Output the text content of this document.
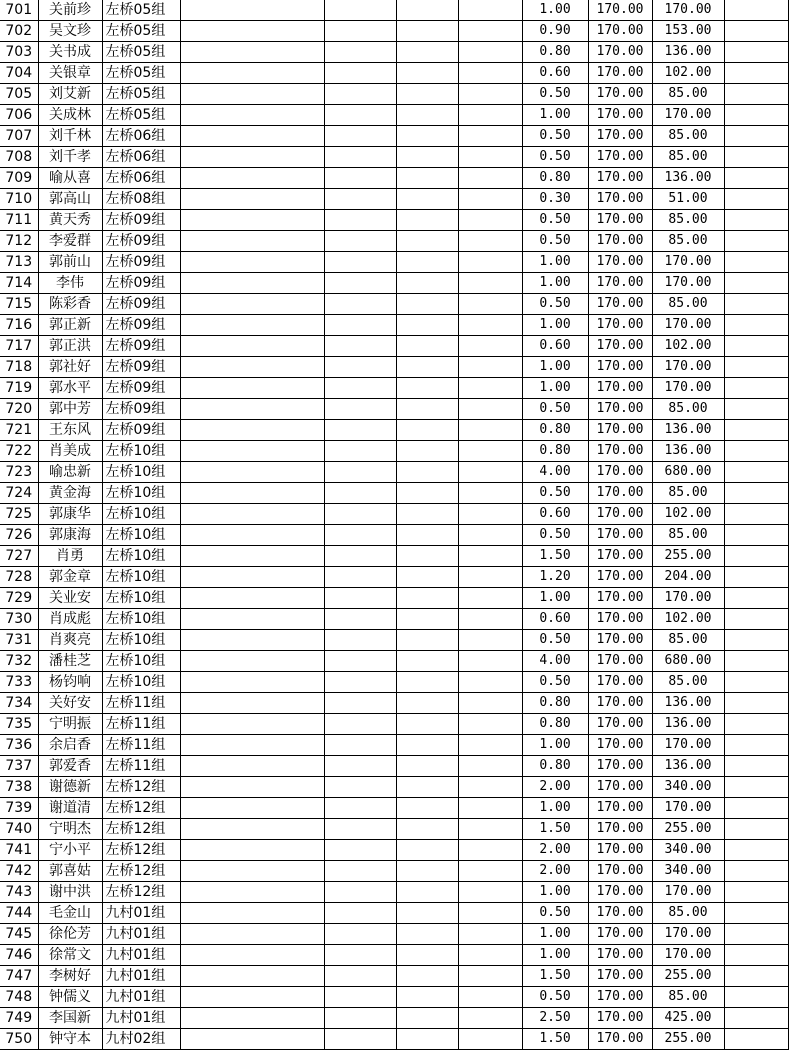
701	关前珍	左桥05组					1.00	170.00	170.00	
702	吴文珍	左桥05组					0.90	170.00	153.00	
703	关书成	左桥05组					0.80	170.00	136.00	
704	关银章	左桥05组					0.60	170.00	102.00	
705	刘艾新	左桥05组					0.50	170.00	85.00	
706	关成林	左桥05组					1.00	170.00	170.00	
707	刘千林	左桥06组					0.50	170.00	85.00	
708	刘千孝	左桥06组					0.50	170.00	85.00	
709	喻从喜	左桥06组					0.80	170.00	136.00	
710	郭高山	左桥08组					0.30	170.00	51.00	
711	黄天秀	左桥09组					0.50	170.00	85.00	
712	李爱群	左桥09组					0.50	170.00	85.00	
713	郭前山	左桥09组					1.00	170.00	170.00	
714	李伟	左桥09组					1.00	170.00	170.00	
715	陈彩香	左桥09组					0.50	170.00	85.00	
716	郭正新	左桥09组					1.00	170.00	170.00	
717	郭正洪	左桥09组					0.60	170.00	102.00	
718	郭社好	左桥09组					1.00	170.00	170.00	
719	郭水平	左桥09组					1.00	170.00	170.00	
720	郭中芳	左桥09组					0.50	170.00	85.00	
721	王东风	左桥09组					0.80	170.00	136.00	
722	肖美成	左桥10组					0.80	170.00	136.00	
723	喻忠新	左桥10组					4.00	170.00	680.00	
724	黄金海	左桥10组					0.50	170.00	85.00	
725	郭康华	左桥10组					0.60	170.00	102.00	
726	郭康海	左桥10组					0.50	170.00	85.00	
727	肖勇	左桥10组					1.50	170.00	255.00	
728	郭金章	左桥10组					1.20	170.00	204.00	
729	关业安	左桥10组					1.00	170.00	170.00	
730	肖成彪	左桥10组					0.60	170.00	102.00	
731	肖爽亮	左桥10组					0.50	170.00	85.00	
732	潘桂芝	左桥10组					4.00	170.00	680.00	
733	杨钧响	左桥10组					0.50	170.00	85.00	
734	关好安	左桥11组					0.80	170.00	136.00	
735	宁明振	左桥11组					0.80	170.00	136.00	
736	余启香	左桥11组					1.00	170.00	170.00	
737	郭爱香	左桥11组					0.80	170.00	136.00	
738	谢德新	左桥12组					2.00	170.00	340.00	
739	谢道清	左桥12组					1.00	170.00	170.00	
740	宁明杰	左桥12组					1.50	170.00	255.00	
741	宁小平	左桥12组					2.00	170.00	340.00	
742	郭喜姑	左桥12组					2.00	170.00	340.00	
743	谢中洪	左桥12组					1.00	170.00	170.00	
744	毛金山	九村01组					0.50	170.00	85.00	
745	徐伦芳	九村01组					1.00	170.00	170.00	
746	徐常文	九村01组					1.00	170.00	170.00	
747	李树好	九村01组					1.50	170.00	255.00	
748	钟儒义	九村01组					0.50	170.00	85.00	
749	李国新	九村01组					2.50	170.00	425.00	
750	钟守本	九村02组					1.50	170.00	255.00	
